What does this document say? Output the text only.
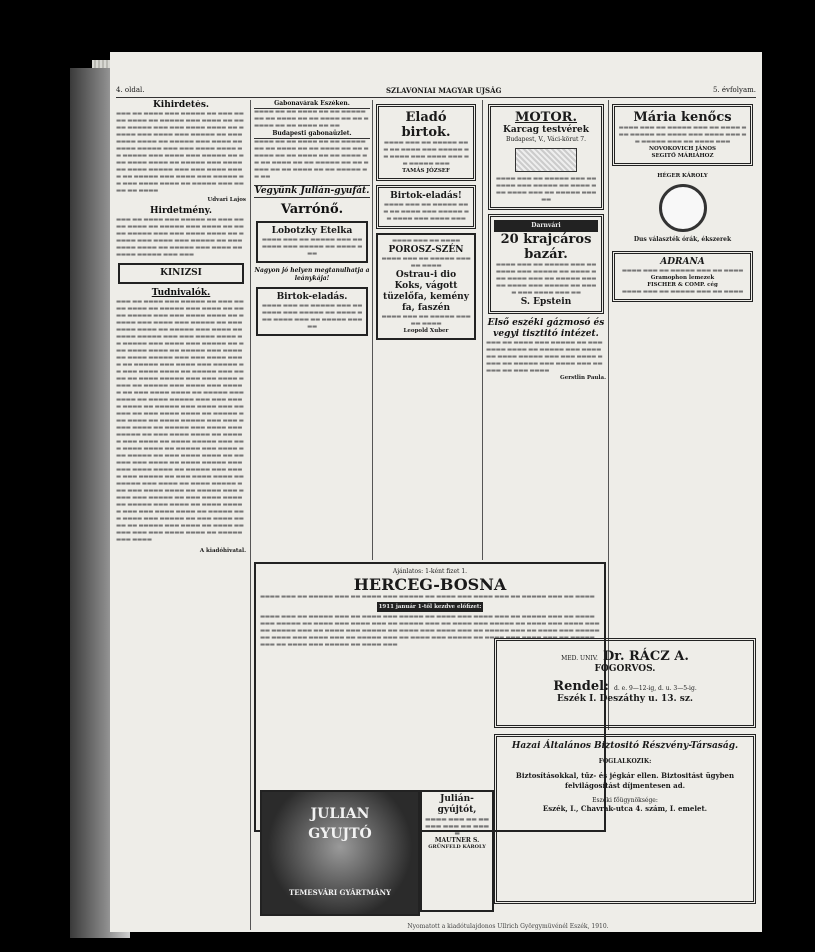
4. oldal.	SZLAVONIAI MAGYAR UJSÁG	5. évfolyam.
Kihirdetés.
▬▬▬ ▬▬ ▬▬▬▬ ▬▬▬ ▬▬▬▬▬ ▬▬ ▬▬▬ ▬▬▬▬ ▬▬▬▬ ▬▬ ▬▬▬▬▬ ▬▬▬ ▬▬▬▬ ▬▬ ▬▬▬▬ ▬▬▬▬▬ ▬▬▬ ▬▬▬ ▬▬▬▬ ▬▬▬▬ ▬▬ ▬▬▬▬▬ ▬▬▬ ▬▬▬▬ ▬▬▬ ▬▬▬▬▬ ▬▬ ▬▬▬ ▬▬▬▬ ▬▬▬▬ ▬▬ ▬▬▬▬▬ ▬▬▬ ▬▬▬▬ ▬▬ ▬▬▬▬ ▬▬▬▬▬ ▬▬▬ ▬▬▬ ▬▬▬▬ ▬▬▬▬ ▬▬ ▬▬▬▬▬ ▬▬▬ ▬▬▬▬ ▬▬▬ ▬▬▬▬▬ ▬▬ ▬▬▬ ▬▬▬▬ ▬▬▬▬ ▬▬ ▬▬▬▬▬ ▬▬▬ ▬▬▬▬ ▬▬ ▬▬▬▬ ▬▬▬▬▬ ▬▬▬ ▬▬▬ ▬▬▬▬ ▬▬▬▬ ▬▬ ▬▬▬▬▬ ▬▬▬ ▬▬▬▬ ▬▬▬ ▬▬▬▬▬ ▬▬ ▬▬▬ ▬▬▬▬ ▬▬▬▬ ▬▬ ▬▬▬▬▬ ▬▬▬ ▬▬▬▬ ▬▬ ▬▬▬▬
Udvari Lajos
Hirdetmény.
▬▬▬ ▬▬ ▬▬▬▬ ▬▬▬ ▬▬▬▬▬ ▬▬ ▬▬▬ ▬▬▬▬ ▬▬▬▬ ▬▬ ▬▬▬▬▬ ▬▬▬ ▬▬▬▬ ▬▬ ▬▬▬▬ ▬▬▬▬▬ ▬▬▬ ▬▬▬ ▬▬▬▬ ▬▬▬▬ ▬▬ ▬▬▬▬▬ ▬▬▬ ▬▬▬▬ ▬▬▬ ▬▬▬▬▬ ▬▬ ▬▬▬ ▬▬▬▬ ▬▬▬▬ ▬▬ ▬▬▬▬▬ ▬▬▬ ▬▬▬▬ ▬▬ ▬▬▬▬ ▬▬▬▬▬ ▬▬▬ ▬▬▬
KINIZSI
Tudnivalók.
▬▬▬ ▬▬ ▬▬▬▬ ▬▬▬ ▬▬▬▬▬ ▬▬ ▬▬▬ ▬▬▬▬ ▬▬▬▬ ▬▬ ▬▬▬▬▬ ▬▬▬ ▬▬▬▬ ▬▬ ▬▬▬▬ ▬▬▬▬▬ ▬▬▬ ▬▬▬ ▬▬▬▬ ▬▬▬▬ ▬▬ ▬▬▬▬▬ ▬▬▬ ▬▬▬▬ ▬▬▬ ▬▬▬▬▬ ▬▬ ▬▬▬ ▬▬▬▬ ▬▬▬▬ ▬▬ ▬▬▬▬▬ ▬▬▬ ▬▬▬▬ ▬▬ ▬▬▬▬ ▬▬▬▬▬ ▬▬▬ ▬▬▬ ▬▬▬▬ ▬▬▬▬ ▬▬ ▬▬▬▬▬ ▬▬▬ ▬▬▬▬ ▬▬▬ ▬▬▬▬▬ ▬▬ ▬▬▬ ▬▬▬▬ ▬▬▬▬ ▬▬ ▬▬▬▬▬ ▬▬▬ ▬▬▬▬ ▬▬ ▬▬▬▬ ▬▬▬▬▬ ▬▬▬ ▬▬▬ ▬▬▬▬ ▬▬▬▬ ▬▬ ▬▬▬▬▬ ▬▬▬ ▬▬▬▬ ▬▬▬ ▬▬▬▬▬ ▬▬ ▬▬▬ ▬▬▬▬ ▬▬▬▬ ▬▬ ▬▬▬▬▬ ▬▬▬ ▬▬▬▬ ▬▬ ▬▬▬▬ ▬▬▬▬▬ ▬▬▬ ▬▬▬ ▬▬▬▬ ▬▬▬▬ ▬▬ ▬▬▬▬▬ ▬▬▬ ▬▬▬▬ ▬▬▬ ▬▬▬▬▬ ▬▬ ▬▬▬ ▬▬▬▬ ▬▬▬▬ ▬▬ ▬▬▬▬▬ ▬▬▬ ▬▬▬▬ ▬▬ ▬▬▬▬ ▬▬▬▬▬ ▬▬▬ ▬▬▬ ▬▬▬▬ ▬▬▬▬ ▬▬ ▬▬▬▬▬ ▬▬▬ ▬▬▬▬ ▬▬▬ ▬▬▬▬▬ ▬▬ ▬▬▬ ▬▬▬▬ ▬▬▬▬ ▬▬ ▬▬▬▬▬ ▬▬▬ ▬▬▬▬ ▬▬ ▬▬▬▬ ▬▬▬▬▬ ▬▬▬ ▬▬▬ ▬▬▬▬ ▬▬▬▬ ▬▬ ▬▬▬▬▬ ▬▬▬ ▬▬▬▬ ▬▬▬ ▬▬▬▬▬ ▬▬ ▬▬▬ ▬▬▬▬ ▬▬▬▬ ▬▬ ▬▬▬▬▬ ▬▬▬ ▬▬▬▬ ▬▬ ▬▬▬▬ ▬▬▬▬▬ ▬▬▬ ▬▬▬ ▬▬▬▬ ▬▬▬▬ ▬▬ ▬▬▬▬▬ ▬▬▬ ▬▬▬▬ ▬▬▬ ▬▬▬▬▬ ▬▬ ▬▬▬ ▬▬▬▬ ▬▬▬▬ ▬▬ ▬▬▬▬▬ ▬▬▬ ▬▬▬▬ ▬▬ ▬▬▬▬ ▬▬▬▬▬ ▬▬▬ ▬▬▬ ▬▬▬▬ ▬▬▬▬ ▬▬ ▬▬▬▬▬ ▬▬▬ ▬▬▬▬ ▬▬▬ ▬▬▬▬▬ ▬▬ ▬▬▬ ▬▬▬▬ ▬▬▬▬ ▬▬ ▬▬▬▬▬ ▬▬▬ ▬▬▬▬ ▬▬ ▬▬▬▬ ▬▬▬▬▬ ▬▬▬ ▬▬▬ ▬▬▬▬ ▬▬▬▬ ▬▬ ▬▬▬▬▬ ▬▬▬ ▬▬▬▬ ▬▬▬ ▬▬▬▬▬ ▬▬ ▬▬▬ ▬▬▬▬ ▬▬▬▬ ▬▬ ▬▬▬▬▬ ▬▬▬ ▬▬▬▬ ▬▬ ▬▬▬▬ ▬▬▬▬▬ ▬▬▬ ▬▬▬ ▬▬▬▬ ▬▬▬▬ ▬▬ ▬▬▬▬▬ ▬▬▬ ▬▬▬▬ ▬▬▬ ▬▬▬▬▬ ▬▬ ▬▬▬ ▬▬▬▬ ▬▬▬▬ ▬▬ ▬▬▬▬▬ ▬▬▬ ▬▬▬▬ ▬▬ ▬▬▬▬ ▬▬▬▬▬ ▬▬▬ ▬▬▬ ▬▬▬▬ ▬▬▬▬ ▬▬ ▬▬▬▬▬ ▬▬▬ ▬▬▬▬
A kiadóhivatal.
Gabonavárak Eszéken.
▬▬▬▬ ▬▬ ▬▬ ▬▬▬▬ ▬▬ ▬▬ ▬▬▬▬▬ ▬▬ ▬▬ ▬▬▬▬ ▬▬ ▬▬ ▬▬▬▬ ▬▬ ▬▬ ▬▬▬▬▬ ▬▬ ▬▬ ▬▬▬▬ ▬▬ ▬▬
Budapesti gabonaüzlet.
▬▬▬▬ ▬▬ ▬▬ ▬▬▬▬ ▬▬ ▬▬ ▬▬▬▬▬ ▬▬ ▬▬ ▬▬▬▬ ▬▬ ▬▬ ▬▬▬▬ ▬▬ ▬▬ ▬▬▬▬▬ ▬▬ ▬▬ ▬▬▬▬ ▬▬ ▬▬ ▬▬▬▬ ▬▬ ▬▬ ▬▬▬▬ ▬▬ ▬▬ ▬▬▬▬▬ ▬▬ ▬▬ ▬▬▬▬ ▬▬ ▬▬ ▬▬▬▬ ▬▬ ▬▬ ▬▬▬▬▬ ▬▬ ▬▬
Vegyünk Julián-gyufát.
Varrónő.
Lobotzky Etelka
▬▬▬▬ ▬▬▬ ▬▬ ▬▬▬▬▬ ▬▬▬ ▬▬ ▬▬▬▬ ▬▬▬ ▬▬▬▬▬ ▬▬ ▬▬▬▬ ▬▬▬
Nagyon jó helyen megtanulhatja a leánykája!
Birtok-eladás.
▬▬▬▬ ▬▬▬ ▬▬ ▬▬▬▬▬ ▬▬▬ ▬▬ ▬▬▬▬ ▬▬▬ ▬▬▬▬▬ ▬▬ ▬▬▬▬ ▬▬▬ ▬▬▬▬ ▬▬▬ ▬▬ ▬▬▬▬▬ ▬▬▬ ▬▬
Eladó birtok.
▬▬▬▬ ▬▬▬ ▬▬ ▬▬▬▬▬ ▬▬▬ ▬▬ ▬▬▬▬ ▬▬▬ ▬▬▬▬▬ ▬▬ ▬▬▬▬ ▬▬▬ ▬▬▬▬ ▬▬▬ ▬▬ ▬▬▬▬▬ ▬▬▬
TAMÁS JÓZSEF
Birtok-eladás!
▬▬▬▬ ▬▬▬ ▬▬ ▬▬▬▬▬ ▬▬▬ ▬▬ ▬▬▬▬ ▬▬▬ ▬▬▬▬▬ ▬▬ ▬▬▬▬ ▬▬▬ ▬▬▬▬ ▬▬▬
▬▬▬▬ ▬▬▬ ▬▬ ▬▬▬▬
POROSZ-SZÉN
▬▬▬▬ ▬▬▬ ▬▬ ▬▬▬▬▬ ▬▬▬ ▬▬ ▬▬▬▬
Ostrau-i dio Koks, vágott tüzelőfa, kemény fa, faszén
▬▬▬▬ ▬▬▬ ▬▬ ▬▬▬▬▬ ▬▬▬ ▬▬ ▬▬▬▬
Leopold Xuber
MOTOR.
Karcag testvérek
Budapest, V., Váci-körut 7.
▬▬▬▬ ▬▬▬ ▬▬ ▬▬▬▬▬ ▬▬▬ ▬▬ ▬▬▬▬ ▬▬▬ ▬▬▬▬▬ ▬▬ ▬▬▬▬ ▬▬▬ ▬▬▬▬ ▬▬▬ ▬▬ ▬▬▬▬▬ ▬▬▬ ▬▬
Darnvári
20 krajcáros bazár.
▬▬▬▬ ▬▬▬ ▬▬ ▬▬▬▬▬ ▬▬▬ ▬▬ ▬▬▬▬ ▬▬▬ ▬▬▬▬▬ ▬▬ ▬▬▬▬ ▬▬▬ ▬▬▬▬ ▬▬▬ ▬▬ ▬▬▬▬▬ ▬▬▬ ▬▬ ▬▬▬▬ ▬▬▬ ▬▬▬▬▬ ▬▬ ▬▬▬▬ ▬▬▬ ▬▬▬▬ ▬▬▬ ▬▬
S. Epstein
Első eszéki gázmosó és vegyi tisztitó intézet.
▬▬▬ ▬▬ ▬▬▬▬ ▬▬▬ ▬▬▬▬▬ ▬▬ ▬▬▬ ▬▬▬▬ ▬▬▬▬ ▬▬ ▬▬▬▬▬ ▬▬▬ ▬▬▬▬ ▬▬ ▬▬▬▬ ▬▬▬▬▬ ▬▬▬ ▬▬▬ ▬▬▬▬ ▬▬▬▬ ▬▬ ▬▬▬▬▬ ▬▬▬ ▬▬▬▬ ▬▬▬ ▬▬▬▬▬ ▬▬ ▬▬▬ ▬▬▬▬
Gerstlin Paula.
Mária kenőcs
▬▬▬▬ ▬▬▬ ▬▬ ▬▬▬▬▬ ▬▬▬ ▬▬ ▬▬▬▬ ▬▬▬ ▬▬▬▬▬ ▬▬ ▬▬▬▬ ▬▬▬ ▬▬▬▬ ▬▬▬ ▬▬ ▬▬▬▬▬ ▬▬▬ ▬▬ ▬▬▬▬ ▬▬▬
NOVOKOVICH JÁNOS
SEGITŐ MÁRIÁHOZ
HÉGER KÁROLY
Dus választék órák, ékszerek
ADRANA
▬▬▬▬ ▬▬▬ ▬▬ ▬▬▬▬▬ ▬▬▬ ▬▬ ▬▬▬▬
Gramophon lemezek
FISCHER & COMP. cég
▬▬▬▬ ▬▬▬ ▬▬ ▬▬▬▬▬ ▬▬▬ ▬▬ ▬▬▬▬
Ajánlatos: 1-ként fizet 1.
HERCEG-BOSNA
▬▬▬▬ ▬▬▬ ▬▬ ▬▬▬▬▬ ▬▬▬ ▬▬ ▬▬▬▬ ▬▬▬ ▬▬▬▬▬ ▬▬ ▬▬▬▬ ▬▬▬ ▬▬▬▬ ▬▬▬ ▬▬ ▬▬▬▬▬ ▬▬▬ ▬▬ ▬▬▬▬
1911 január 1-től kezdve előfizet:
▬▬▬▬ ▬▬▬ ▬▬ ▬▬▬▬▬ ▬▬▬ ▬▬ ▬▬▬▬ ▬▬▬ ▬▬▬▬▬ ▬▬ ▬▬▬▬ ▬▬▬ ▬▬▬▬ ▬▬▬ ▬▬ ▬▬▬▬▬ ▬▬▬ ▬▬ ▬▬▬▬ ▬▬▬ ▬▬▬▬▬ ▬▬ ▬▬▬▬ ▬▬▬ ▬▬▬▬ ▬▬▬ ▬▬ ▬▬▬▬▬ ▬▬▬ ▬▬ ▬▬▬▬ ▬▬▬ ▬▬▬▬▬ ▬▬ ▬▬▬▬ ▬▬▬ ▬▬▬▬ ▬▬▬ ▬▬ ▬▬▬▬▬ ▬▬▬ ▬▬ ▬▬▬▬ ▬▬▬ ▬▬▬▬▬ ▬▬ ▬▬▬▬ ▬▬▬ ▬▬▬▬ ▬▬▬ ▬▬ ▬▬▬▬▬ ▬▬▬ ▬▬ ▬▬▬▬ ▬▬▬ ▬▬▬▬▬ ▬▬ ▬▬▬▬ ▬▬▬ ▬▬▬▬ ▬▬▬ ▬▬ ▬▬▬▬▬ ▬▬▬ ▬▬ ▬▬▬▬ ▬▬▬ ▬▬▬▬▬ ▬▬ ▬▬▬▬ ▬▬▬ ▬▬▬▬ ▬▬▬ ▬▬ ▬▬▬▬▬ ▬▬▬ ▬▬ ▬▬▬▬ ▬▬▬ ▬▬▬▬▬ ▬▬ ▬▬▬▬ ▬▬▬
MED. UNIV. Dr. RÁCZ A.
FOGORVOS.
Rendel: d. e. 9—12-ig, d. u. 3—5-ig.
Eszék I. Deszáthy u. 13. sz.
Hazai Általános Biztositó Részvény-Társaság.
FOGLALKOZIK:
Biztosításokkal, tűz- és jégkár ellen. Biztositást ügyben felvilágosítást díjmentesen ad.
Eszéki főügynöksége:
Eszék, I., Chavrak-utca 4. szám, I. emelet.
JULIAN
GYUJTÓ
TEMESVÁRI GYÁRTMÁNY
Julián-gyújtót,
▬▬▬▬ ▬▬▬ ▬▬ ▬▬▬▬▬ ▬▬▬ ▬▬ ▬▬▬▬
MAUTNER S.
GRÜNFELD KÁROLY
Nyomatott a kiadótulajdonos Ullrich Györgymüvénél Eszék, 1910.
